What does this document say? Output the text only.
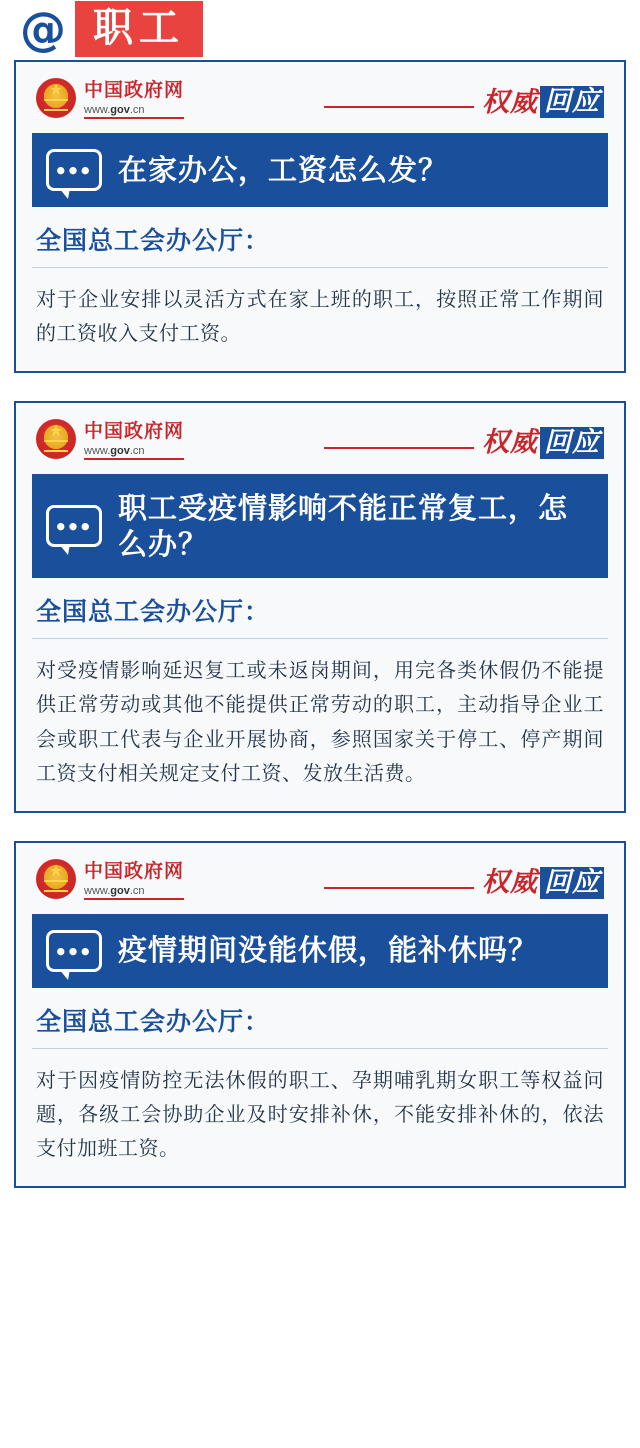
@ 职工
★
中国政府网
www.gov.cn	权威 回应
●●● 在家办公，工资怎么发？
全国总工会办公厅：
对于企业安排以灵活方式在家上班的职工，按照正常工作期间的工资收入支付工资。
★
中国政府网
www.gov.cn	权威 回应
●●●
职工受疫情影响不能正常复工，怎么办？
全国总工会办公厅：
对受疫情影响延迟复工或未返岗期间，用完各类休假仍不能提供正常劳动或其他不能提供正常劳动的职工，主动指导企业工会或职工代表与企业开展协商，参照国家关于停工、停产期间工资支付相关规定支付工资、发放生活费。
★
中国政府网
www.gov.cn	权威 回应
●●● 疫情期间没能休假，能补休吗？
全国总工会办公厅：
对于因疫情防控无法休假的职工、孕期哺乳期女职工等权益问题，各级工会协助企业及时安排补休，不能安排补休的，依法支付加班工资。
